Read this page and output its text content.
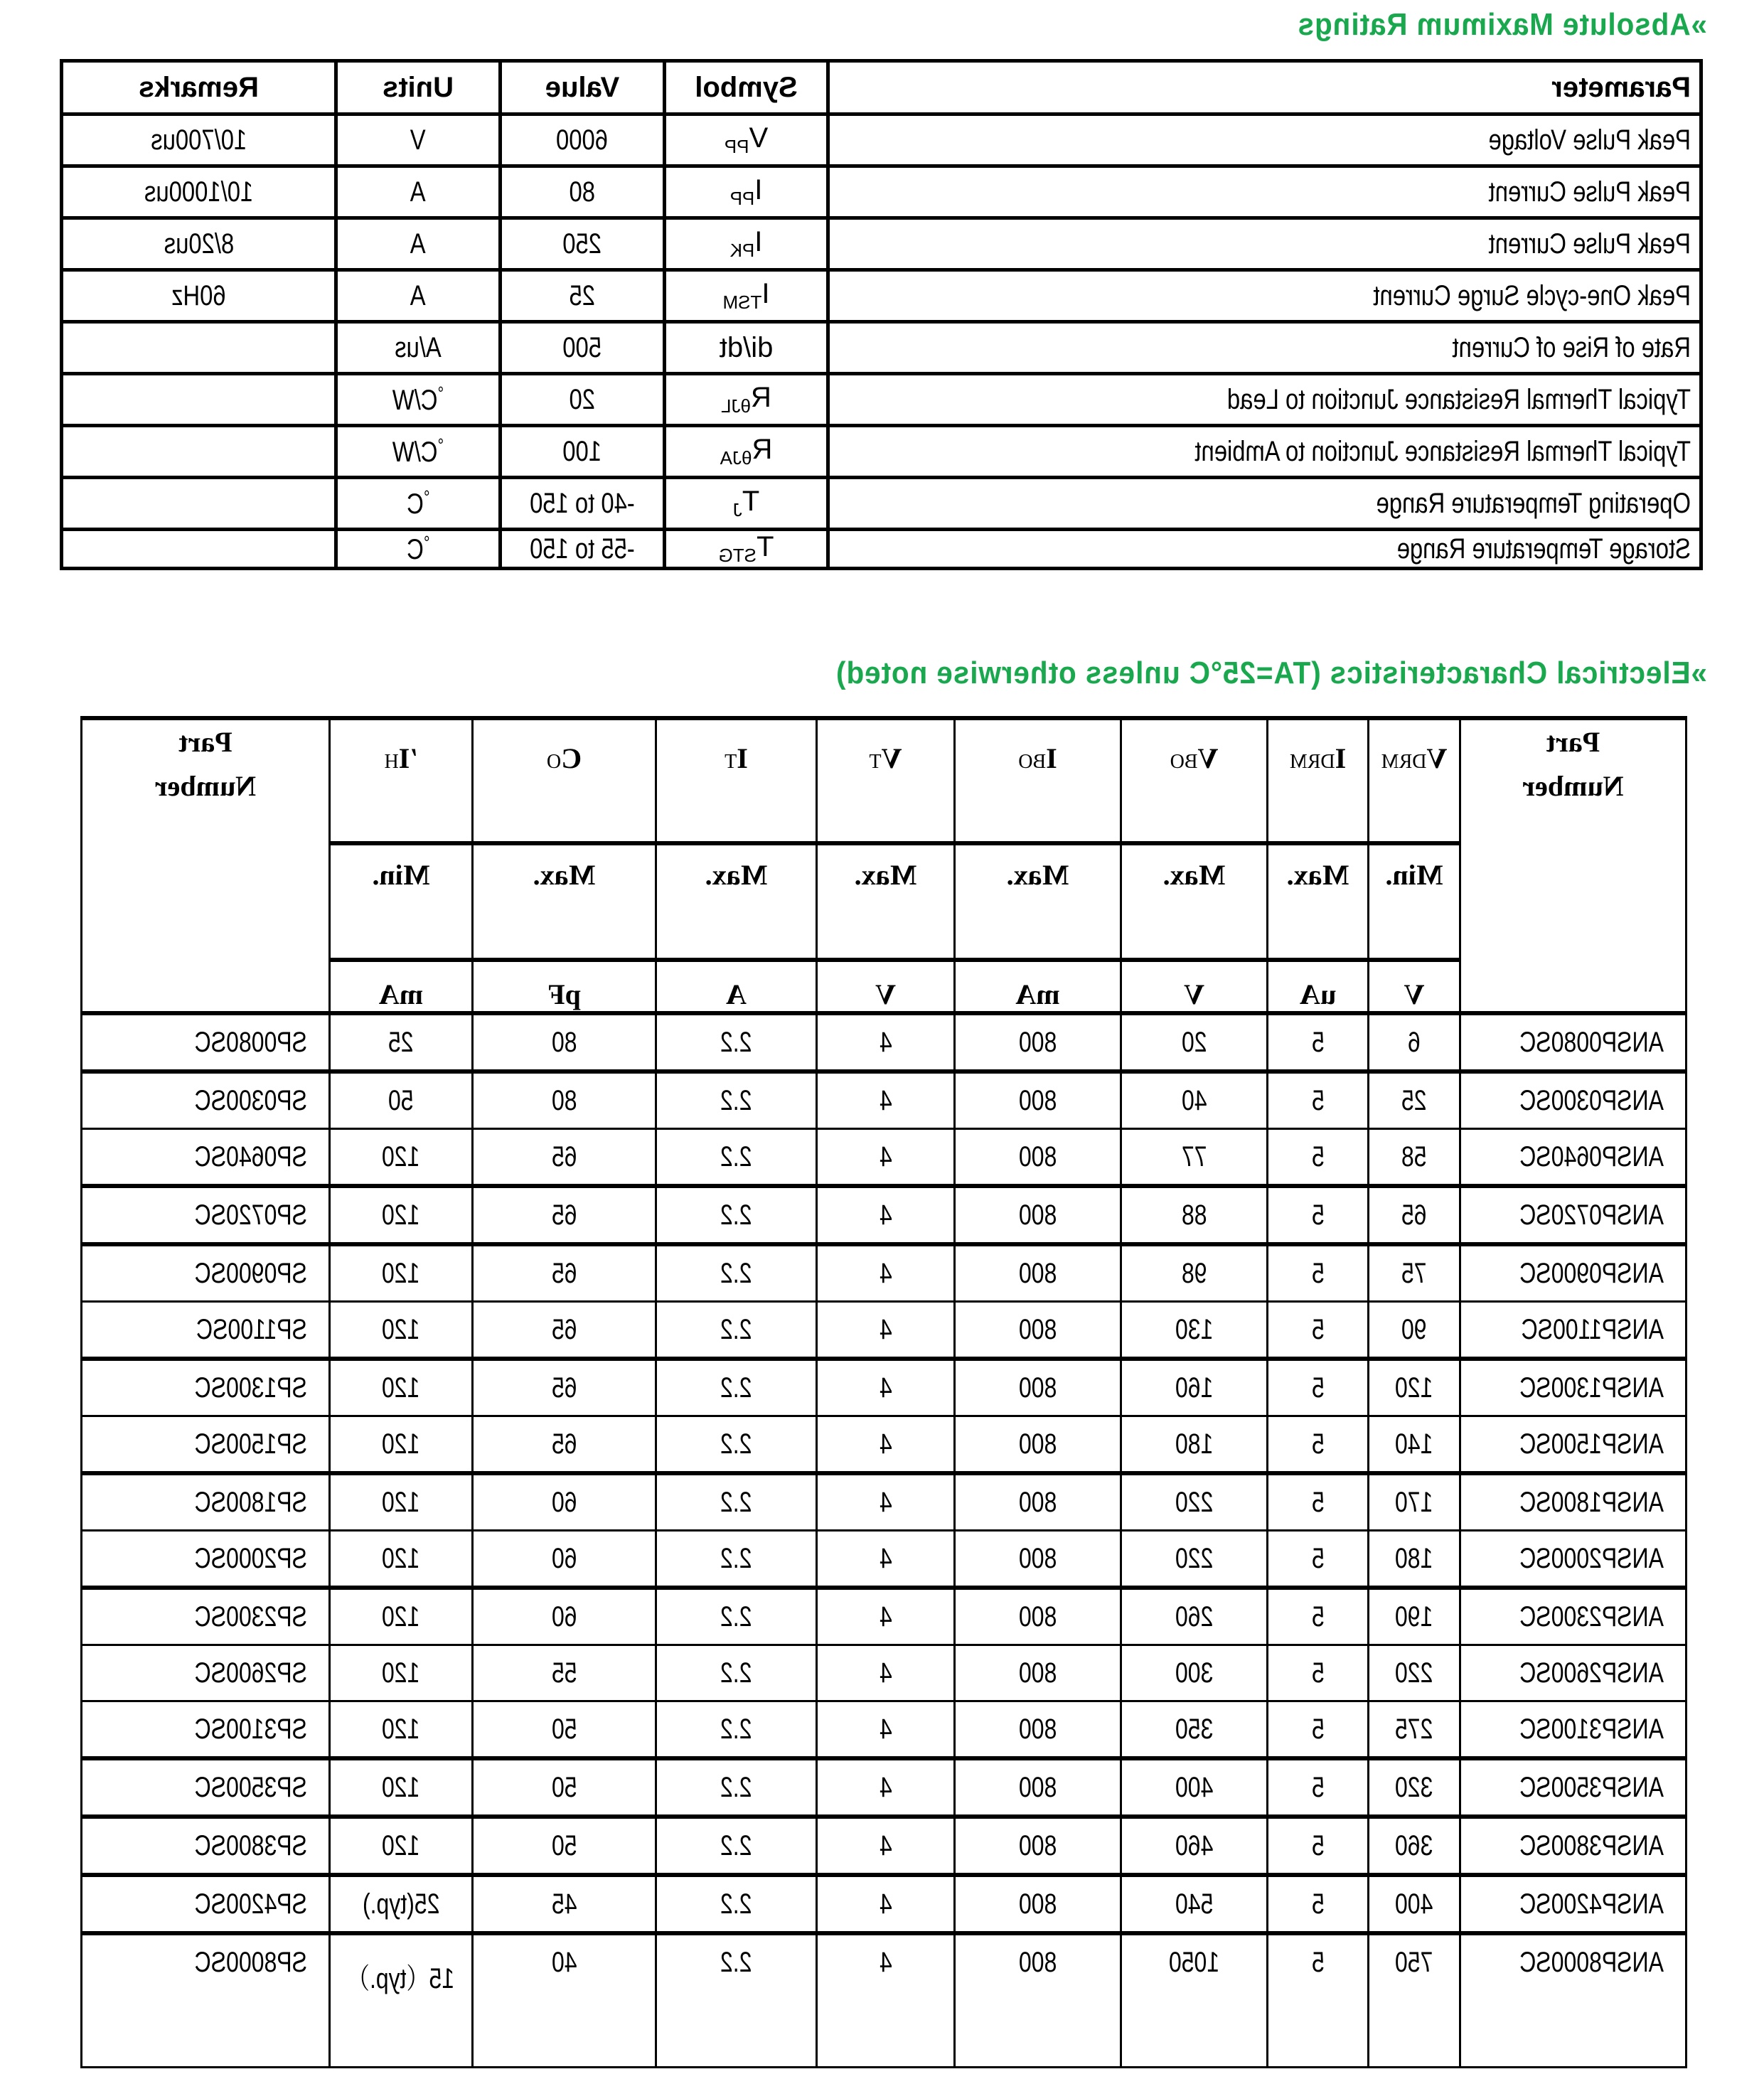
»Absolute Maximum Ratings
Parameter	Symbol	Value	Units	Remarks
Peak Pulse Voltage	$V_{PP}$	6000	V	10/700us
Peak Pulse Current	$I_{PP}$	80	A	10/1000us
Peak Pulse Current	$I_{PK}$	250	A	8/20us
Peak One-cycle Surge Current	$I_{TSM}$	25	A	60Hz
Rate of Rise of Current	di/dt	500	A/us	
Typical Thermal Resistance Junction to Lead	$R_{\theta JL}$	20	°C/W	
Typical Thermal Resistance Junction to Ambient	$R_{\theta JA}$	100	°C/W	
Operating Temperature Range	$T_J$	-40 to 150	°C	
Storage Temperature Range	$T_{STG}$	-55 to 150	°C	
»Electrical Characteristics (TA=25°C unless otherwise noted)
Part Number	VDRM	IDRM	VBO	IBO	VT	IT	CO	′IH	Part Number
	Min.	Max.	Max.	Max.	Max.	Max.	Max.	Min.	
	V	uA	V	mA	V	A	pF	mA	
ANSP0080SC	6	5	20	800	4	2.2	80	25	SP0080SC
ANSP0300SC	25	5	40	800	4	2.2	80	50	SP0300SC
ANSP0640SC	58	5	77	800	4	2.2	65	120	SP0640SC
ANSP0720SC	65	5	88	800	4	2.2	65	120	SP0720SC
ANSP0900SC	75	5	98	800	4	2.2	65	120	SP0900SC
ANSP1100SC	90	5	130	800	4	2.2	65	120	SP1100SC
ANSP1300SC	120	5	160	800	4	2.2	65	120	SP1300SC
ANSP1500SC	140	5	180	800	4	2.2	65	120	SP1500SC
ANSP1800SC	170	5	220	800	4	2.2	60	120	SP1800SC
ANSP2000SC	180	5	220	800	4	2.2	60	120	SP2000SC
ANSP2300SC	190	5	260	800	4	2.2	60	120	SP2300SC
ANSP2600SC	220	5	300	800	4	2.2	55	120	SP2600SC
ANSP3100SC	275	5	350	800	4	2.2	50	120	SP3100SC
ANSP3500SC	320	5	400	800	4	2.2	50	120	SP3500SC
ANSP3800SC	360	5	460	800	4	2.2	50	120	SP3800SC
ANSP4200SC	400	5	540	800	4	2.2	45	25(typ.)	SP4200SC
ANSP8000SC	750	5	1050	800	4	2.2	40	15（typ.）	SP8000SC
